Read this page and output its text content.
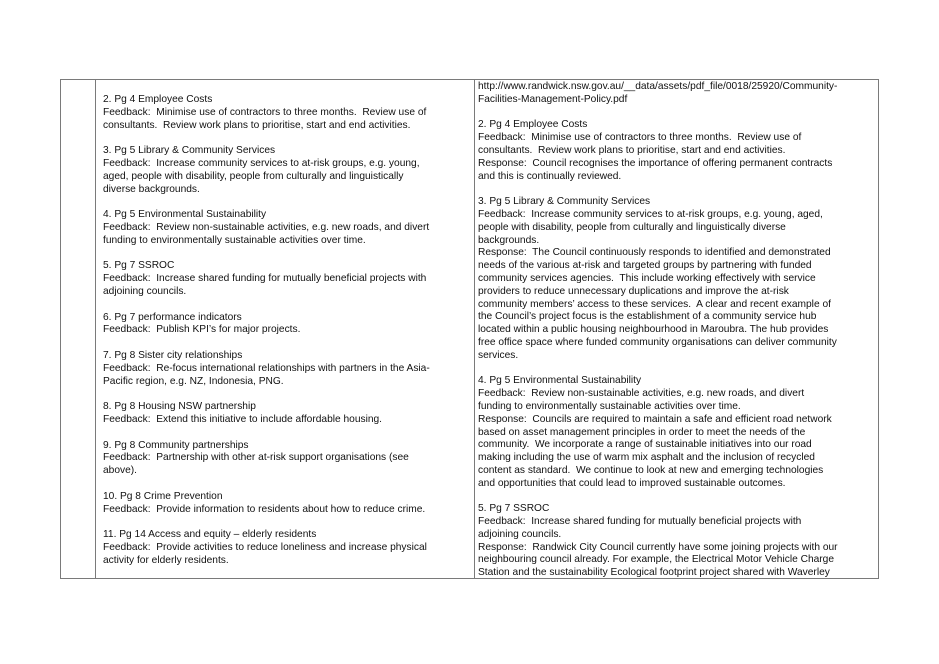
2. Pg 4 Employee Costs
Feedback:  Minimise use of contractors to three months.  Review use of
consultants.  Review work plans to prioritise, start and end activities.
3. Pg 5 Library & Community Services
Feedback:  Increase community services to at-risk groups, e.g. young,
aged, people with disability, people from culturally and linguistically
diverse backgrounds.
4. Pg 5 Environmental Sustainability
Feedback:  Review non-sustainable activities, e.g. new roads, and divert
funding to environmentally sustainable activities over time.
5. Pg 7 SSROC
Feedback:  Increase shared funding for mutually beneficial projects with
adjoining councils.
6. Pg 7 performance indicators
Feedback:  Publish KPI’s for major projects.
7. Pg 8 Sister city relationships
Feedback:  Re-focus international relationships with partners in the Asia-
Pacific region, e.g. NZ, Indonesia, PNG.
8. Pg 8 Housing NSW partnership
Feedback:  Extend this initiative to include affordable housing.
9. Pg 8 Community partnerships
Feedback:  Partnership with other at-risk support organisations (see
above).
10. Pg 8 Crime Prevention
Feedback:  Provide information to residents about how to reduce crime.
11. Pg 14 Access and equity – elderly residents
Feedback:  Provide activities to reduce loneliness and increase physical
activity for elderly residents.
http://www.randwick.nsw.gov.au/__data/assets/pdf_file/0018/25920/Community-
Facilities-Management-Policy.pdf
2. Pg 4 Employee Costs
Feedback:  Minimise use of contractors to three months.  Review use of
consultants.  Review work plans to prioritise, start and end activities.
Response:  Council recognises the importance of offering permanent contracts
and this is continually reviewed.
3. Pg 5 Library & Community Services
Feedback:  Increase community services to at-risk groups, e.g. young, aged,
people with disability, people from culturally and linguistically diverse
backgrounds.
Response:  The Council continuously responds to identified and demonstrated
needs of the various at-risk and targeted groups by partnering with funded
community services agencies.  This include working effectively with service
providers to reduce unnecessary duplications and improve the at-risk
community members’ access to these services.  A clear and recent example of
the Council’s project focus is the establishment of a community service hub
located within a public housing neighbourhood in Maroubra. The hub provides
free office space where funded community organisations can deliver community
services.
4. Pg 5 Environmental Sustainability
Feedback:  Review non-sustainable activities, e.g. new roads, and divert
funding to environmentally sustainable activities over time.
Response:  Councils are required to maintain a safe and efficient road network
based on asset management principles in order to meet the needs of the
community.  We incorporate a range of sustainable initiatives into our road
making including the use of warm mix asphalt and the inclusion of recycled
content as standard.  We continue to look at new and emerging technologies
and opportunities that could lead to improved sustainable outcomes.
5. Pg 7 SSROC
Feedback:  Increase shared funding for mutually beneficial projects with
adjoining councils.
Response:  Randwick City Council currently have some joining projects with our
neighbouring council already. For example, the Electrical Motor Vehicle Charge
Station and the sustainability Ecological footprint project shared with Waverley
